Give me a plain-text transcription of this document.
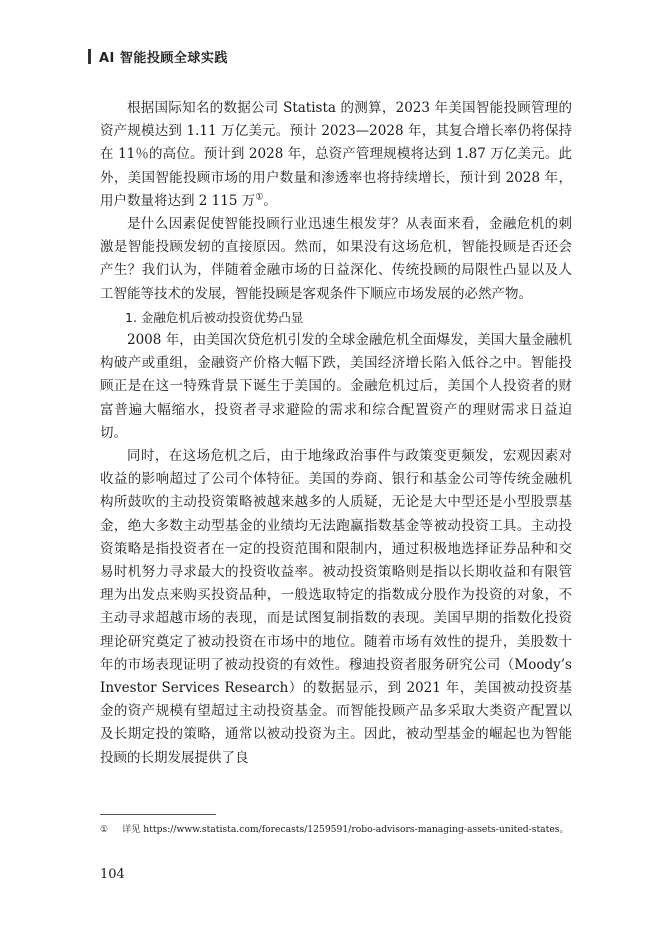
AI 智能投顾全球实践

根据国际知名的数据公司 Statista 的测算，2023 年美国智能投顾管理的资产规模达到 1.11 万亿美元。预计 2023—2028 年，其复合增长率仍将保持在 11％的高位。预计到 2028 年，总资产管理规模将达到 1.87 万亿美元。此外，美国智能投顾市场的用户数量和渗透率也将持续增长，预计到 2028 年，用户数量将达到 2 115 万①。

是什么因素促使智能投顾行业迅速生根发芽？从表面来看，金融危机的刺激是智能投顾发轫的直接原因。然而，如果没有这场危机，智能投顾是否还会产生？我们认为，伴随着金融市场的日益深化、传统投顾的局限性凸显以及人工智能等技术的发展，智能投顾是客观条件下顺应市场发展的必然产物。

1. 金融危机后被动投资优势凸显

2008 年，由美国次贷危机引发的全球金融危机全面爆发，美国大量金融机构破产或重组，金融资产价格大幅下跌，美国经济增长陷入低谷之中。智能投顾正是在这一特殊背景下诞生于美国的。金融危机过后，美国个人投资者的财富普遍大幅缩水，投资者寻求避险的需求和综合配置资产的理财需求日益迫切。

同时，在这场危机之后，由于地缘政治事件与政策变更频发，宏观因素对收益的影响超过了公司个体特征。美国的券商、银行和基金公司等传统金融机构所鼓吹的主动投资策略被越来越多的人质疑，无论是大中型还是小型股票基金，绝大多数主动型基金的业绩均无法跑赢指数基金等被动投资工具。主动投资策略是指投资者在一定的投资范围和限制内，通过积极地选择证券品种和交易时机努力寻求最大的投资收益率。被动投资策略则是指以长期收益和有限管理为出发点来购买投资品种，一般选取特定的指数成分股作为投资的对象，不主动寻求超越市场的表现，而是试图复制指数的表现。美国早期的指数化投资理论研究奠定了被动投资在市场中的地位。随着市场有效性的提升，美股数十年的市场表现证明了被动投资的有效性。穆迪投资者服务研究公司（Moody’s Investor Services Research）的数据显示，到 2021 年，美国被动投资基金的资产规模有望超过主动投资基金。而智能投顾产品多采取大类资产配置以及长期定投的策略，通常以被动投资为主。因此，被动型基金的崛起也为智能投顾的长期发展提供了良

① 详见 https://www.statista.com/forecasts/1259591/robo-advisors-managing-assets-united-states。
104
